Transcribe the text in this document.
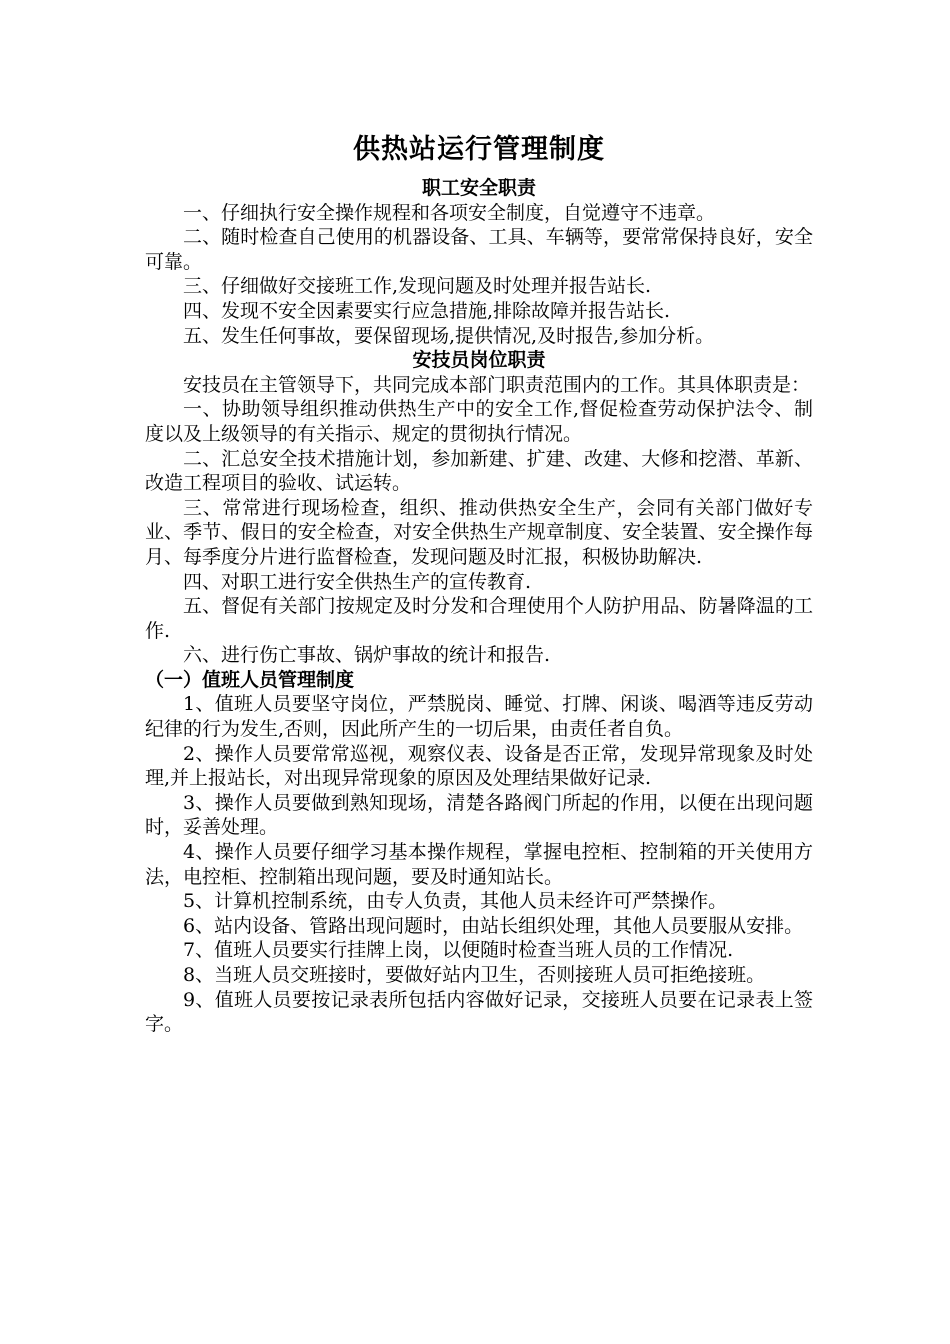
供热站运行管理制度
职工安全职责

一、仔细执行安全操作规程和各项安全制度，自觉遵守不违章。

二、随时检查自己使用的机器设备、工具、车辆等，要常常保持良好，安全可靠。

三、仔细做好交接班工作,发现问题及时处理并报告站长.

四、发现不安全因素要实行应急措施,排除故障并报告站长.

五、发生任何事故，要保留现场,提供情况,及时报告,参加分析。

安技员岗位职责

安技员在主管领导下，共同完成本部门职责范围内的工作。其具体职责是：

一、协助领导组织推动供热生产中的安全工作,督促检查劳动保护法令、制度以及上级领导的有关指示、规定的贯彻执行情况。

二、汇总安全技术措施计划，参加新建、扩建、改建、大修和挖潜、革新、改造工程项目的验收、试运转。

三、常常进行现场检查，组织、推动供热安全生产，会同有关部门做好专业、季节、假日的安全检查，对安全供热生产规章制度、安全装置、安全操作每月、每季度分片进行监督检查，发现问题及时汇报，积极协助解决.

四、对职工进行安全供热生产的宣传教育.

五、督促有关部门按规定及时分发和合理使用个人防护用品、防暑降温的工作.

六、进行伤亡事故、锅炉事故的统计和报告.

（一）值班人员管理制度

1、值班人员要坚守岗位，严禁脱岗、睡觉、打牌、闲谈、喝酒等违反劳动纪律的行为发生,否则，因此所产生的一切后果，由责任者自负。

2、操作人员要常常巡视，观察仪表、设备是否正常，发现异常现象及时处理,并上报站长，对出现异常现象的原因及处理结果做好记录.

3、操作人员要做到熟知现场，清楚各路阀门所起的作用，以便在出现问题时，妥善处理。

4、操作人员要仔细学习基本操作规程，掌握电控柜、控制箱的开关使用方法，电控柜、控制箱出现问题，要及时通知站长。

5、计算机控制系统，由专人负责，其他人员未经许可严禁操作。

6、站内设备、管路出现问题时，由站长组织处理，其他人员要服从安排。

7、值班人员要实行挂牌上岗，以便随时检查当班人员的工作情况.

8、当班人员交班接时，要做好站内卫生，否则接班人员可拒绝接班。

9、值班人员要按记录表所包括内容做好记录，交接班人员要在记录表上签字。
